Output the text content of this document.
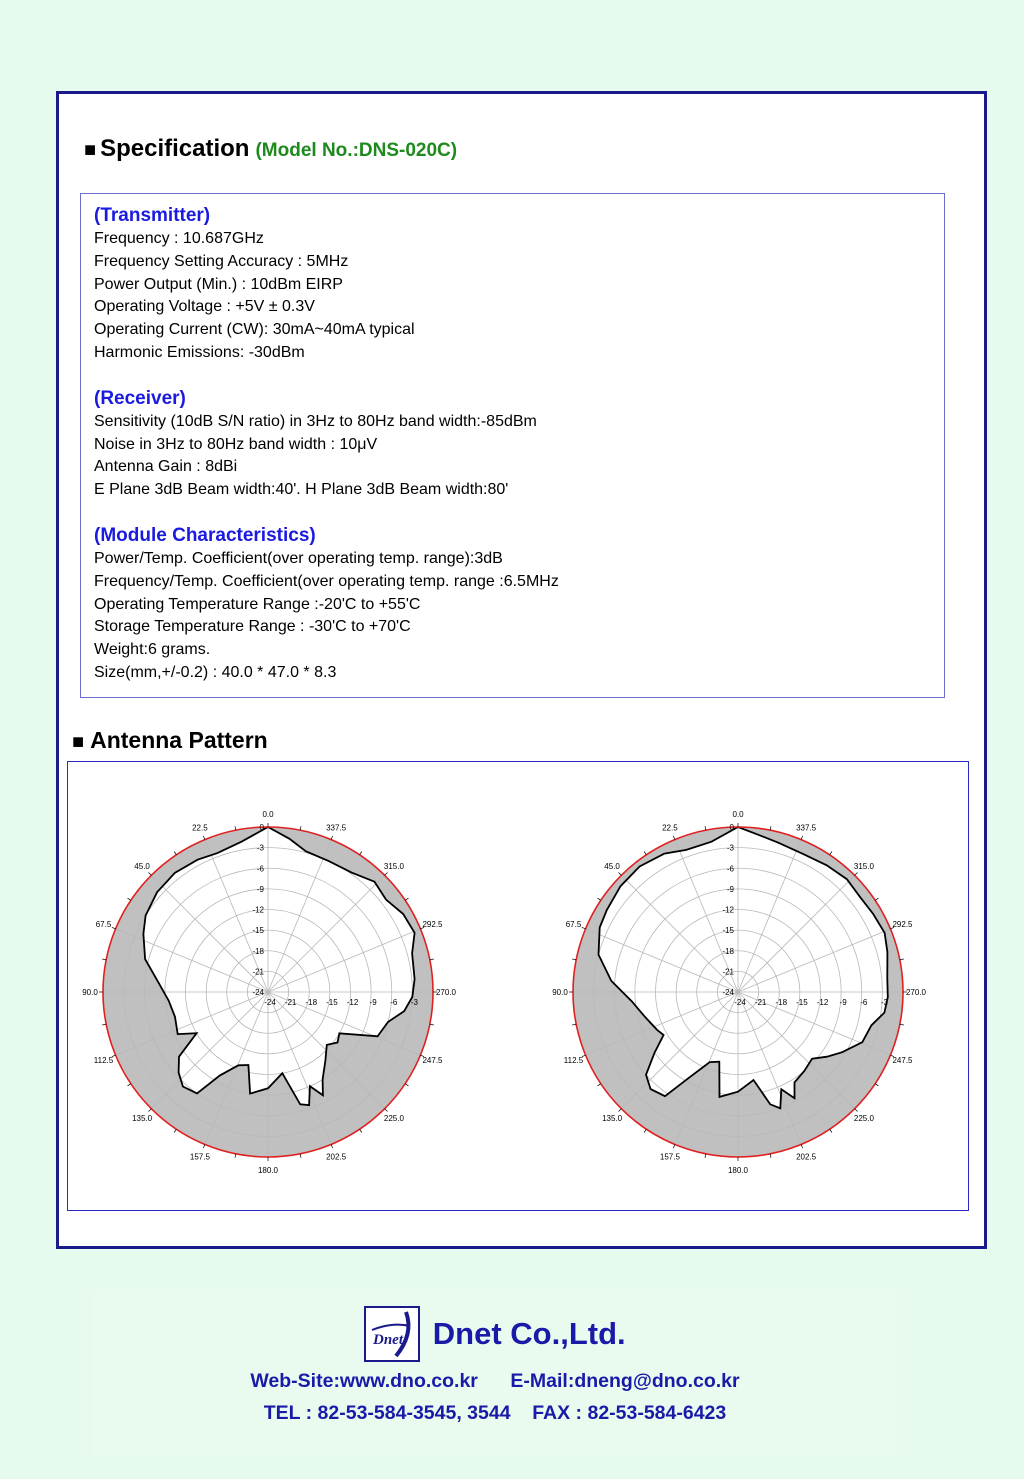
■ Specification (Model No.:DNS-020C)
(Transmitter)
Frequency : 10.687GHz
Frequency Setting Accuracy : 5MHz
Power Output (Min.) : 10dBm EIRP
Operating Voltage : +5V ± 0.3V
Operating Current (CW): 30mA~40mA typical
Harmonic Emissions: -30dBm
(Receiver)
Sensitivity (10dB S/N ratio) in 3Hz to 80Hz band width:-85dBm
Noise in 3Hz to 80Hz band width : 10μV
Antenna Gain : 8dBi
E Plane 3dB Beam width:40'. H Plane 3dB Beam width:80'
(Module Characteristics)
Power/Temp. Coefficient(over operating temp. range):3dB
Frequency/Temp. Coefficient(over operating temp. range :6.5MHz
Operating Temperature Range :-20'C to +55'C
Storage Temperature Range : -30'C to +70'C
Weight:6 grams.
Size(mm,+/-0.2) : 40.0 * 47.0 * 8.3
■ Antenna Pattern
0.0
337.5
315.0
292.5
270.0
247.5
225.0
202.5
180.0
157.5
135.0
112.5
90.0
67.5
45.0
22.5	0
-3
-6
-9
-12
-15
-18
-21
-24
-24 -21 -18 -15 -12 -9 -6 -3
0.0
337.5
315.0
292.5
270.0
247.5
225.0
202.5
180.0
157.5
135.0
112.5
90.0
67.5
45.0
22.5	0
-3
-6
-9
-12
-15
-18
-21
-24
-24 -21 -18 -15 -12 -9 -6 -3
Dnet Dnet Co.,Ltd.
Web-Site:www.dno.co.kr E-Mail:dneng@dno.co.kr
TEL : 82-53-584-3545, 3544 FAX : 82-53-584-6423
